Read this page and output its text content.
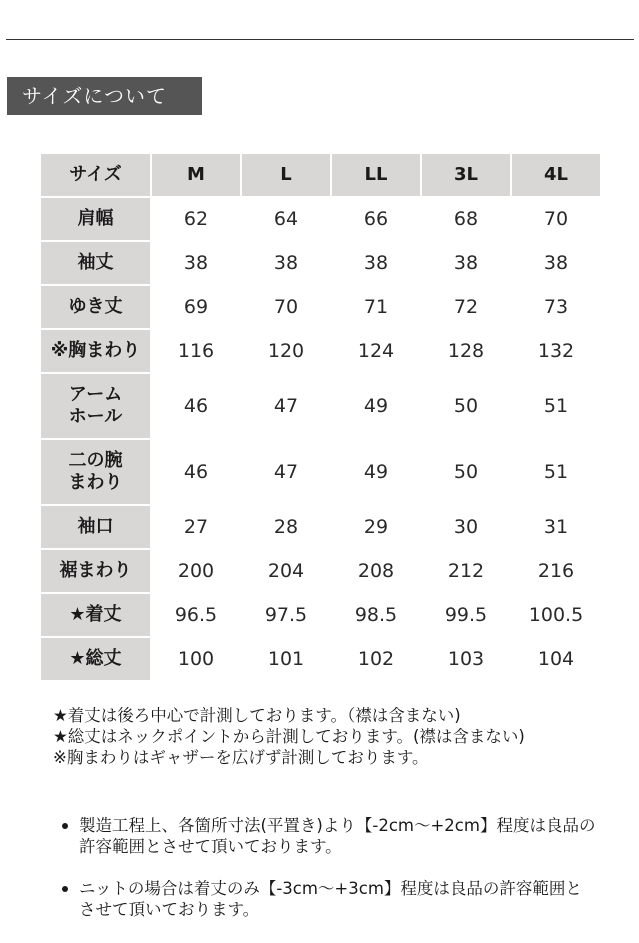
サイズについて
サイズ	M	L	LL	3L	4L
肩幅	62	64	66	68	70
袖丈	38	38	38	38	38
ゆき丈	69	70	71	72	73
※胸まわり	116	120	124	128	132
アーム
ホール	46	47	49	50	51
二の腕
まわり	46	47	49	50	51
袖口	27	28	29	30	31
裾まわり	200	204	208	212	216
★着丈	96.5	97.5	98.5	99.5	100.5
★総丈	100	101	102	103	104

★着丈は後ろ中心で計測しております。（襟は含まない)

★総丈はネックポイントから計測しております。(襟は含まない)

※胸まわりはギャザーを広げず計測しております。

製造工程上、各箇所寸法(平置き)より【-2cm～+2cm】程度は良品の許容範囲とさせて頂いております。
ニットの場合は着丈のみ【-3cm～+3cm】程度は良品の許容範囲とさせて頂いております。
